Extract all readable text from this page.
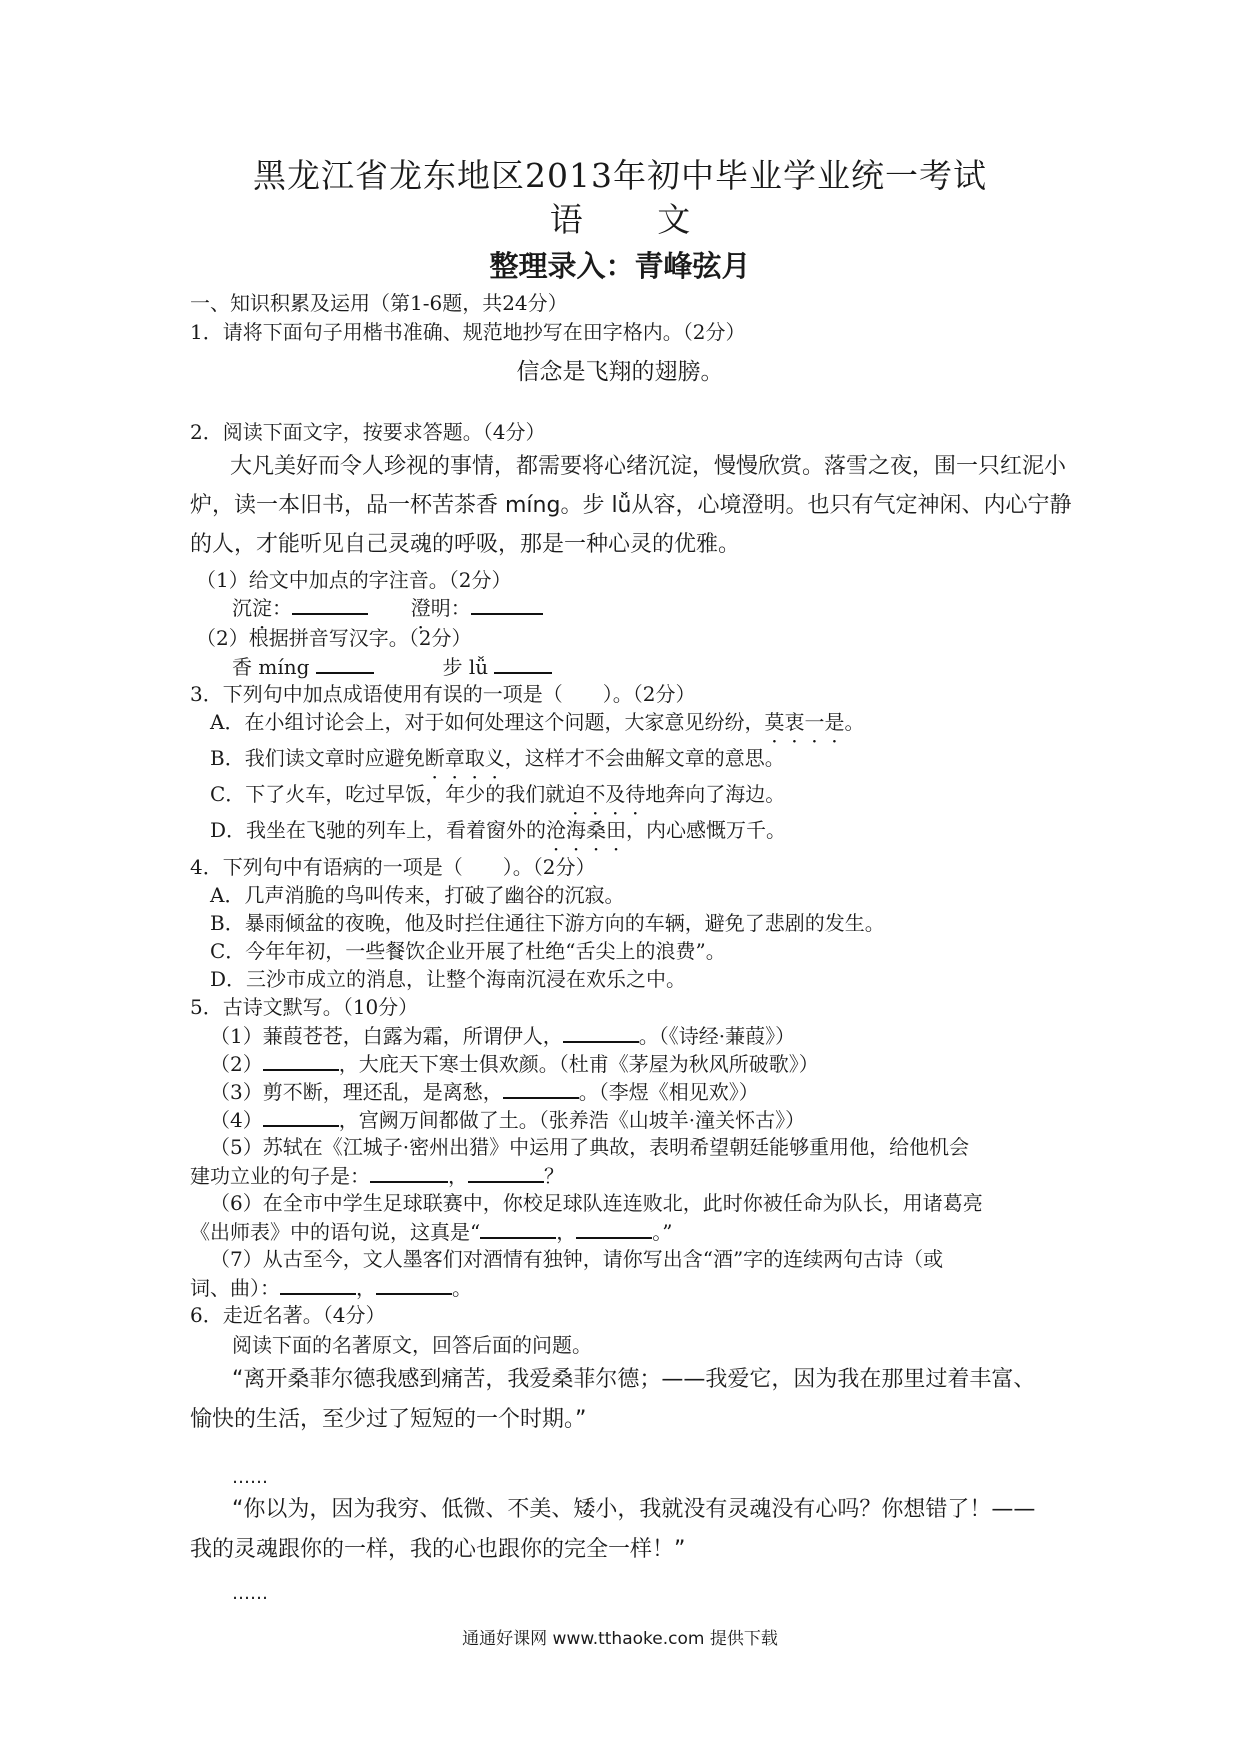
黑龙江省龙东地区2013年初中毕业学业统一考试
语 文
整理录入：青峰弦月
一、知识积累及运用（第1-6题，共24分）
1．请将下面句子用楷书准确、规范地抄写在田字格内。（2分）
信念是飞翔的翅膀。
2．阅读下面文字，按要求答题。（4分）
大凡美好而令人珍视的事情，都需要将心绪沉淀，慢慢欣赏。落雪之夜，围一只红泥小
炉，读一本旧书，品一杯苦茶香 míng。步 lǚ从容，心境澄明。也只有气定神闲、内心宁静
的人，才能听见自己灵魂的呼吸，那是一种心灵的优雅。
（1）给文中加点的字注音。（2分）
沉淀：	澄明：
（2）根据拼音写汉字。（2分）
香 míng	步 lǚ
3．下列句中加点成语使用有误的一项是（　　）。（2分）
A．在小组讨论会上，对于如何处理这个问题，大家意见纷纷，莫衷一是。
B．我们读文章时应避免断章取义，这样才不会曲解文章的意思。
C．下了火车，吃过早饭，年少的我们就迫不及待地奔向了海边。
D．我坐在飞驰的列车上，看着窗外的沧海桑田，内心感慨万千。
4．下列句中有语病的一项是（　　）。（2分）
A．几声消脆的鸟叫传来，打破了幽谷的沉寂。
B．暴雨倾盆的夜晚，他及时拦住通往下游方向的车辆，避免了悲剧的发生。
C．今年年初，一些餐饮企业开展了杜绝“舌尖上的浪费”。
D．三沙市成立的消息，让整个海南沉浸在欢乐之中。
5．古诗文默写。（10分）
（1）蒹葭苍苍，白露为霜，所谓伊人，	。（《诗经·蒹葭》）
（2）	，大庇天下寒士俱欢颜。（杜甫《茅屋为秋风所破歌》）
（3）剪不断，理还乱，是离愁，	。（李煜《相见欢》）
（4）	，宫阙万间都做了土。（张养浩《山坡羊·潼关怀古》）
（5）苏轼在《江城子·密州出猎》中运用了典故，表明希望朝廷能够重用他，给他机会
建功立业的句子是：	，	？
（6）在全市中学生足球联赛中，你校足球队连连败北，此时你被任命为队长，用诸葛亮
《出师表》中的语句说，这真是“	，	。”
（7）从古至今，文人墨客们对酒情有独钟，请你写出含“酒”字的连续两句古诗（或
词、曲）：	，	。
6．走近名著。（4分）
阅读下面的名著原文，回答后面的问题。
“离开桑菲尔德我感到痛苦，我爱桑菲尔德；——我爱它，因为我在那里过着丰富、
愉快的生活，至少过了短短的一个时期。”
……
“你以为，因为我穷、低微、不美、矮小，我就没有灵魂没有心吗？你想错了！——
我的灵魂跟你的一样，我的心也跟你的完全一样！”
……
通通好课网 www.tthaoke.com 提供下载
